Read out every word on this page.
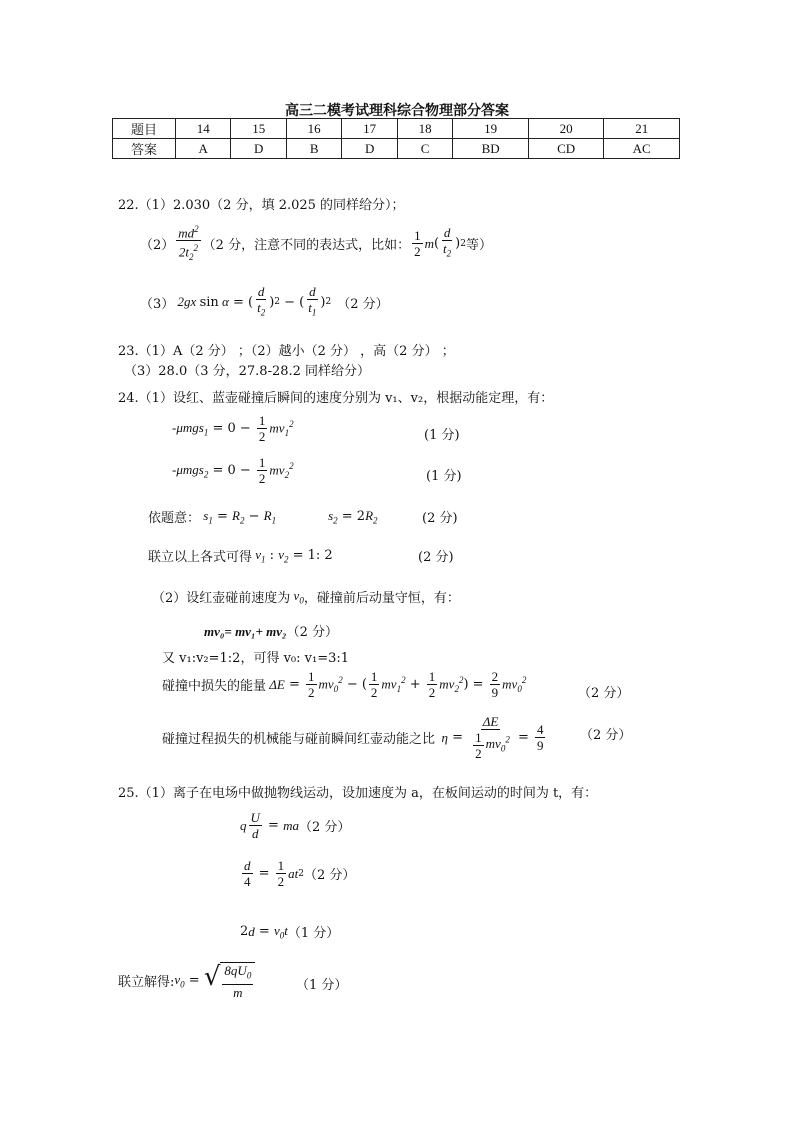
高三二模考试理科综合物理部分答案
题目	14	15	16	17	18	19	20	21
答案	A	D	B	D	C	BD	CD	AC
22.（1）2.030（2 分，填 2.025 的同样给分）；
$(2) \frac{md^2}{2t_2^2} (2$ 分，注意不同的表达式，比如： $\frac{1}{2}$ m ( $\frac{d}{t_2}$ ) 2 等）
（3） 2gx sin α = ( $\frac{d}{t_2}$ ) 2 − ( $\frac{d}{t_1}$ ) 2 （2 分）
23.（1）A（2 分） ；（2）越小（2 分） ，高（2 分） ；
（3）28.0（3 分，27.8-28.2 同样给分）
24.（1）设红、蓝壶碰撞后瞬间的速度分别为 v₁、v₂，根据动能定理，有：
$-\mu mgs_1 = 0 - \frac{1}{2} mv_1^2$
(1 分)
$-\mu mgs_2 = 0 - \frac{1}{2} mv_2^2$
(1 分)
依题意： $s_1 = R_2 - R_1$	$s_2 = 2$ $R_2$	(2 分)
联立以上各式可得 $v_1$ : $v_2 = 1$: 2	(2 分)
（2）设红壶碰前速度为 $v_0$ ，碰撞前后动量守恒，有：
mv₀= mv₁+ mv₂（2 分）
又 v₁:v₂=1:2，可得 v₀: v₁=3:1
碰撞中损失的能量 $\Delta E = \frac{1}{2} mv_0^2$ − ( $\frac{1}{2} mv_1^2 + \frac{1}{2} mv_2^2$ ) = $\frac{2}{9} mv_0^2$
（2 分）
碰撞过程损失的机械能与碰前瞬间红壶动能之比 $\eta = \frac{\Delta E}{\frac{1}{2} mv_0^2} = \frac{4}{9}$	（2 分）
25.（1）离子在电场中做抛物线运动，设加速度为 a，在板间运动的时间为 t，有：
q $\frac{U}{d}$ = ma （2 分）
$\frac{d}{4} = \frac{1}{2}$ at 2 （2 分）
2 $d = v_0t$ （1 分）
联立解得: $v_0$ = √ $\frac{8qU_0}{m}$	（1 分）
